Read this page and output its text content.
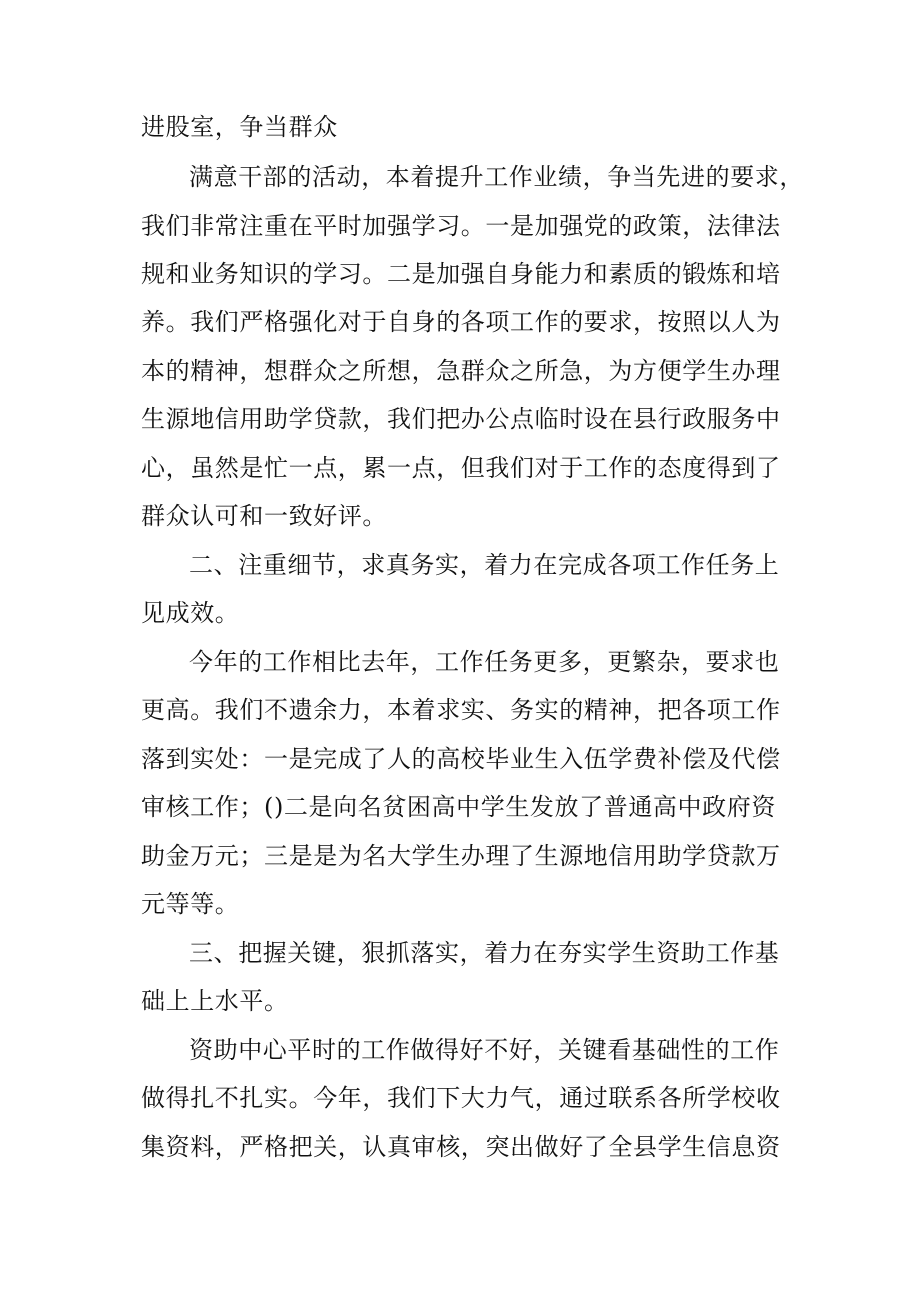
进股室，争当群众
满意干部的活动，本着提升工作业绩，争当先进的要求，
我们非常注重在平时加强学习。一是加强党的政策，法律法
规和业务知识的学习。二是加强自身能力和素质的锻炼和培
养。我们严格强化对于自身的各项工作的要求，按照以人为
本的精神，想群众之所想，急群众之所急，为方便学生办理
生源地信用助学贷款，我们把办公点临时设在县行政服务中
心，虽然是忙一点，累一点，但我们对于工作的态度得到了
群众认可和一致好评。
二、注重细节，求真务实，着力在完成各项工作任务上
见成效。
今年的工作相比去年，工作任务更多，更繁杂，要求也
更高。我们不遗余力，本着求实、务实的精神，把各项工作
落到实处：一是完成了人的高校毕业生入伍学费补偿及代偿
审核工作；()二是向名贫困高中学生发放了普通高中政府资
助金万元；三是是为名大学生办理了生源地信用助学贷款万
元等等。
三、把握关键，狠抓落实，着力在夯实学生资助工作基
础上上水平。
资助中心平时的工作做得好不好，关键看基础性的工作
做得扎不扎实。今年，我们下大力气，通过联系各所学校收
集资料，严格把关，认真审核，突出做好了全县学生信息资
